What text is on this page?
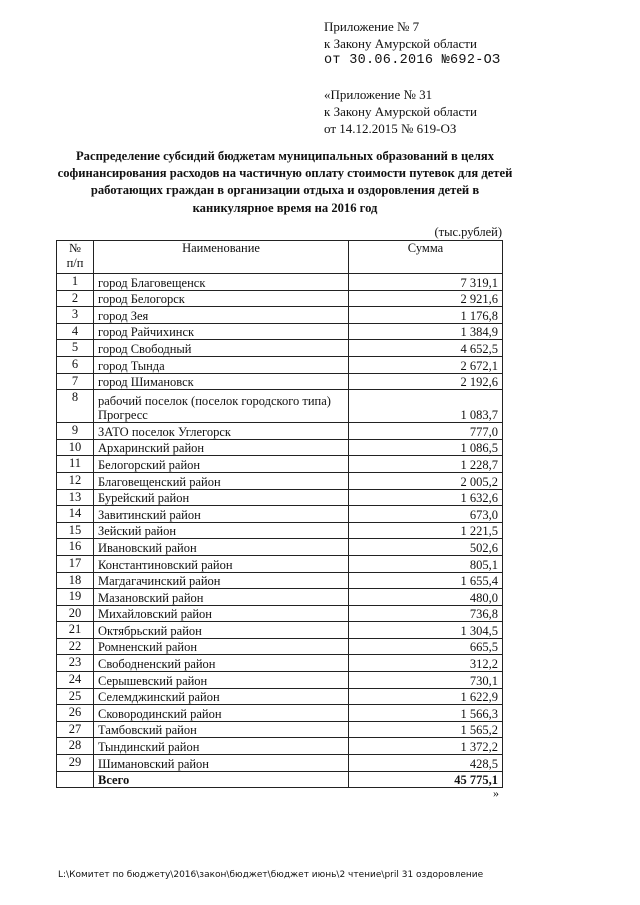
Приложение № 7
к Закону Амурской области
от 30.06.2016 №692-ОЗ
«Приложение № 31
к Закону Амурской области
от 14.12.2015 № 619-ОЗ
Распределение субсидий бюджетам муниципальных образований в целях софинансирования расходов на частичную оплату стоимости путевок для детей работающих граждан в организации отдыха и оздоровления детей в каникулярное время на 2016 год
(тыс.рублей)
№
п/п	Наименование	Сумма
1	город Благовещенск	7 319,1
2	город Белогорск	2 921,6
3	город Зея	1 176,8
4	город Райчихинск	1 384,9
5	город Свободный	4 652,5
6	город Тында	2 672,1
7	город Шимановск	2 192,6
8	рабочий поселок (поселок городского типа) Прогресс	1 083,7
9	ЗАТО поселок Углегорск	777,0
10	Архаринский район	1 086,5
11	Белогорский район	1 228,7
12	Благовещенский район	2 005,2
13	Бурейский район	1 632,6
14	Завитинский район	673,0
15	Зейский район	1 221,5
16	Ивановский район	502,6
17	Константиновский район	805,1
18	Магдагачинский район	1 655,4
19	Мазановский район	480,0
20	Михайловский район	736,8
21	Октябрьский район	1 304,5
22	Ромненский район	665,5
23	Свободненский район	312,2
24	Серышевский район	730,1
25	Селемджинский район	1 622,9
26	Сковородинский район	1 566,3
27	Тамбовский район	1 565,2
28	Тындинский район	1 372,2
29	Шимановский район	428,5
	Всего	45 775,1
»
L:\Комитет по бюджету\2016\закон\бюджет\бюджет июнь\2 чтение\pril 31 оздоровление
